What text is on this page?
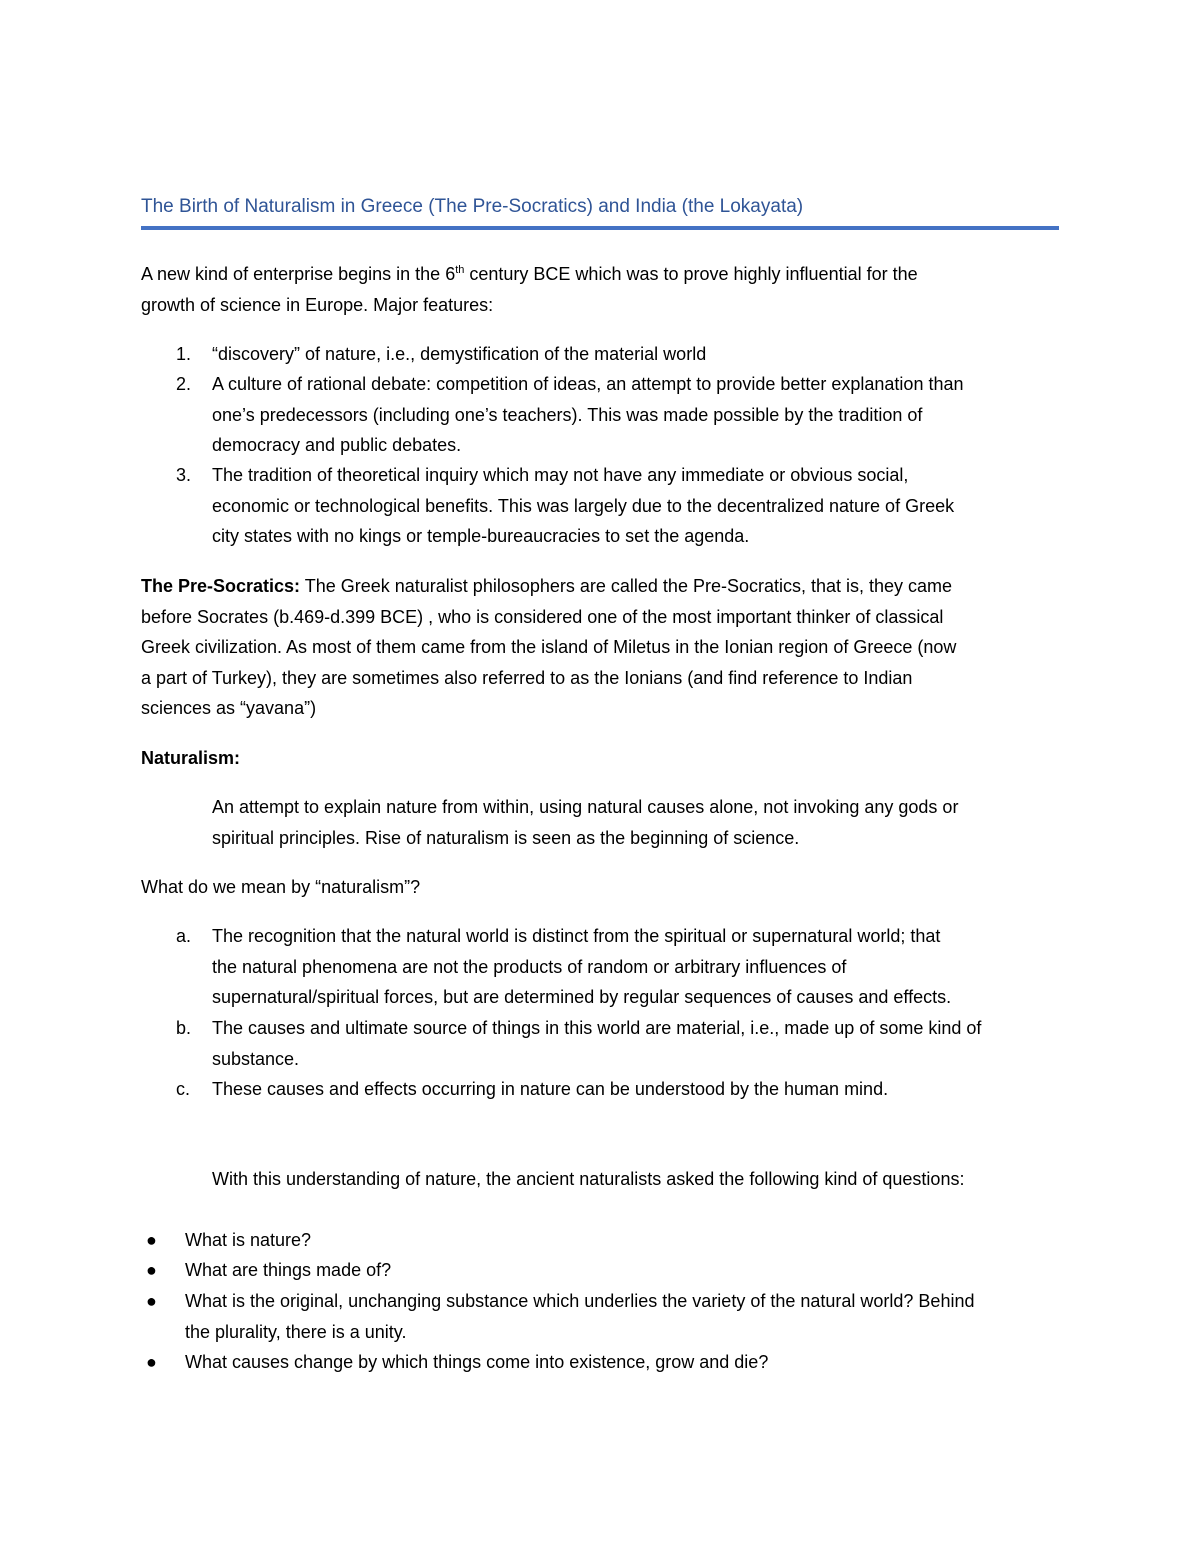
The Birth of Naturalism in Greece (The Pre-Socratics) and India (the Lokayata)
A new kind of enterprise begins in the 6th century BCE which was to prove highly influential for the
growth of science in Europe. Major features:
1.	“discovery” of nature, i.e., demystification of the material world
2.	A culture of rational debate: competition of ideas, an attempt to provide better explanation than
one’s predecessors (including one’s teachers). This was made possible by the tradition of
democracy and public debates.
3.	The tradition of theoretical inquiry which may not have any immediate or obvious social,
economic or technological benefits. This was largely due to the decentralized nature of Greek
city states with no kings or temple-bureaucracies to set the agenda.
The Pre-Socratics: The Greek naturalist philosophers are called the Pre-Socratics, that is, they came
before Socrates (b.469-d.399 BCE) , who is considered one of the most important thinker of classical
Greek civilization. As most of them came from the island of Miletus in the Ionian region of Greece (now
a part of Turkey), they are sometimes also referred to as the Ionians (and find reference to Indian
sciences as “yavana”)
Naturalism:
An attempt to explain nature from within, using natural causes alone, not invoking any gods or
spiritual principles. Rise of naturalism is seen as the beginning of science.
What do we mean by “naturalism”?
a.	The recognition that the natural world is distinct from the spiritual or supernatural world; that
the natural phenomena are not the products of random or arbitrary influences of
supernatural/spiritual forces, but are determined by regular sequences of causes and effects.
b.	The causes and ultimate source of things in this world are material, i.e., made up of some kind of
substance.
c.	These causes and effects occurring in nature can be understood by the human mind.
With this understanding of nature, the ancient naturalists asked the following kind of questions:
●	What is nature?
●	What are things made of?
●	What is the original, unchanging substance which underlies the variety of the natural world? Behind
the plurality, there is a unity.
●	What causes change by which things come into existence, grow and die?
